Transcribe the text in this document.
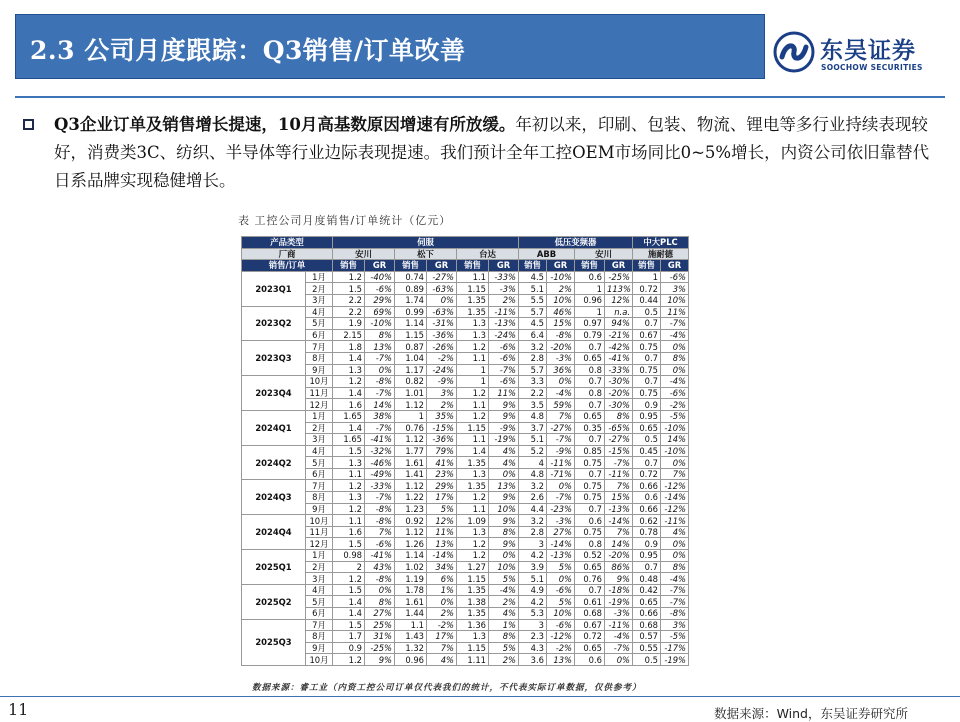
2.3 公司月度跟踪：Q3销售/订单改善	东吴证券
SOOCHOW SECURITIES
Q3企业订单及销售增长提速，10月高基数原因增速有所放缓。年初以来，印刷、包装、物流、锂电等多行业持续表现较好，消费类3C、纺织、半导体等行业边际表现提速。我们预计全年工控OEM市场同比0~5%增长，内资公司依旧靠替代日系品牌实现稳健增长。
表 工控公司月度销售/订单统计（亿元）
产品类型		伺服						低压变频器				中大PLC	
厂商		安川		松下		台达		ABB		安川		施耐德	
销售/订单		销售	GR	销售	GR	销售	GR	销售	GR	销售	GR	销售	GR
2023Q1	1月	1.2	-40%	0.74	-27%	1.1	-33%	4.5	-10%	0.6	-25%	1	-6%
	2月	1.5	-6%	0.89	-63%	1.15	-3%	5.1	2%	1	113%	0.72	3%
	3月	2.2	29%	1.74	0%	1.35	2%	5.5	10%	0.96	12%	0.44	10%
2023Q2	4月	2.2	69%	0.99	-63%	1.35	-11%	5.7	46%	1	n.a.	0.5	11%
	5月	1.9	-10%	1.14	-31%	1.3	-13%	4.5	15%	0.97	94%	0.7	-7%
	6月	2.15	8%	1.15	-36%	1.3	-24%	6.4	-8%	0.79	-21%	0.67	-4%
2023Q3	7月	1.8	13%	0.87	-26%	1.2	-6%	3.2	-20%	0.7	-42%	0.75	0%
	8月	1.4	-7%	1.04	-2%	1.1	-6%	2.8	-3%	0.65	-41%	0.7	8%
	9月	1.3	0%	1.17	-24%	1	-7%	5.7	36%	0.8	-33%	0.75	0%
2023Q4	10月	1.2	-8%	0.82	-9%	1	-6%	3.3	0%	0.7	-30%	0.7	-4%
	11月	1.4	-7%	1.01	3%	1.2	11%	2.2	-4%	0.8	-20%	0.75	-6%
	12月	1.6	14%	1.12	2%	1.1	9%	3.5	59%	0.7	-30%	0.9	-2%
2024Q1	1月	1.65	38%	1	35%	1.2	9%	4.8	7%	0.65	8%	0.95	-5%
	2月	1.4	-7%	0.76	-15%	1.15	-9%	3.7	-27%	0.35	-65%	0.65	-10%
	3月	1.65	-41%	1.12	-36%	1.1	-19%	5.1	-7%	0.7	-27%	0.5	14%
2024Q2	4月	1.5	-32%	1.77	79%	1.4	4%	5.2	-9%	0.85	-15%	0.45	-10%
	5月	1.3	-46%	1.61	41%	1.35	4%	4	-11%	0.75	-7%	0.7	0%
	6月	1.1	-49%	1.41	23%	1.3	0%	4.8	-71%	0.7	-11%	0.72	7%
2024Q3	7月	1.2	-33%	1.12	29%	1.35	13%	3.2	0%	0.75	7%	0.66	-12%
	8月	1.3	-7%	1.22	17%	1.2	9%	2.6	-7%	0.75	15%	0.6	-14%
	9月	1.2	-8%	1.23	5%	1.1	10%	4.4	-23%	0.7	-13%	0.66	-12%
2024Q4	10月	1.1	-8%	0.92	12%	1.09	9%	3.2	-3%	0.6	-14%	0.62	-11%
	11月	1.6	7%	1.12	11%	1.3	8%	2.8	27%	0.75	7%	0.78	4%
	12月	1.5	-6%	1.26	13%	1.2	9%	3	-14%	0.8	14%	0.9	0%
2025Q1	1月	0.98	-41%	1.14	-14%	1.2	0%	4.2	-13%	0.52	-20%	0.95	0%
	2月	2	43%	1.02	34%	1.27	10%	3.9	5%	0.65	86%	0.7	8%
	3月	1.2	-8%	1.19	6%	1.15	5%	5.1	0%	0.76	9%	0.48	-4%
2025Q2	4月	1.5	0%	1.78	1%	1.35	-4%	4.9	-6%	0.7	-18%	0.42	-7%
	5月	1.4	8%	1.61	0%	1.38	2%	4.2	5%	0.61	-19%	0.65	-7%
	6月	1.4	27%	1.44	2%	1.35	4%	5.3	10%	0.68	-3%	0.66	-8%
2025Q3	7月	1.5	25%	1.1	-2%	1.36	1%	3	-6%	0.67	-11%	0.68	3%
	8月	1.7	31%	1.43	17%	1.3	8%	2.3	-12%	0.72	-4%	0.57	-5%
	9月	0.9	-25%	1.32	7%	1.15	5%	4.3	-2%	0.65	-7%	0.55	-17%
	10月	1.2	9%	0.96	4%	1.11	2%	3.6	13%	0.6	0%	0.5	-19%
数据来源：睿工业（内资工控公司订单仅代表我们的统计，不代表实际订单数据，仅供参考）
11	数据来源：Wind，东吴证券研究所
